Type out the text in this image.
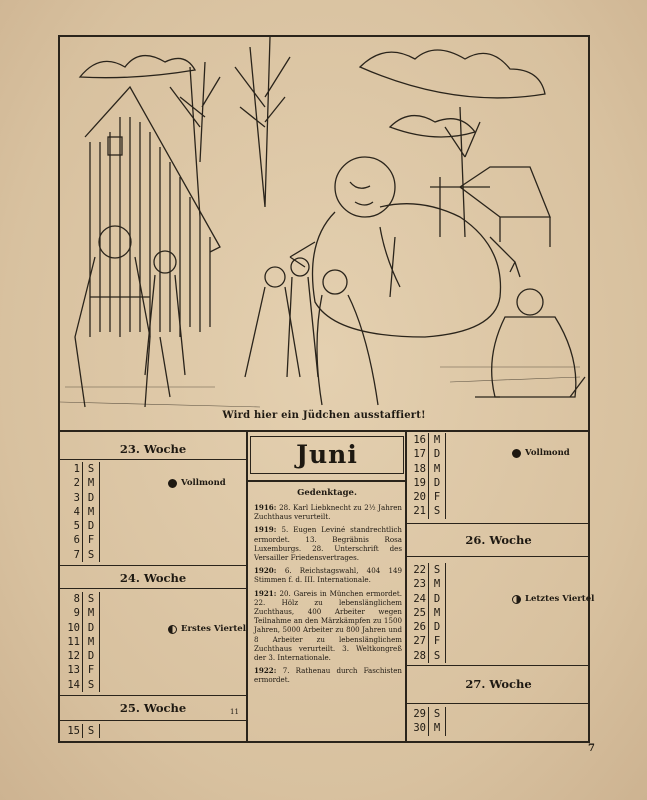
Wird hier ein Jüdchen ausstaffiert!
23. Woche
24. Woche
25. Woche
26. Woche
27. Woche
Juni
1 S
2 M
3 D
4 M
5 D
6 F
7 S
8 S
9 M
10 D
11 M
12 D
13 F
14 S
15 S
16 M
17 D
18 M
19 D
20 F
21 S
22 S
23 M
24 D
25 M
26 D
27 F
28 S
29 S
30 M
Vollmond
Erstes Viertel
Vollmond
Letztes Viertel
11
Gedenktage.
1916: 28. Karl Liebknecht zu 2½ Jahren Zuchthaus verurteilt.
1919: 5. Eugen Leviné standrechtlich ermordet. 13. Begräbnis Rosa Luxemburgs. 28. Unterschrift des Versailler Friedensvertrages.
1920: 6. Reichstagswahl, 404 149 Stimmen f. d. III. Internationale.
1921: 20. Gareis in München ermordet. 22. Hölz zu lebenslänglichem Zuchthaus, 400 Arbeiter wegen Teilnahme an den Märzkämpfen zu 1500 Jahren, 5000 Arbeiter zu 800 Jahren und 8 Arbeiter zu lebenslänglichem Zuchthaus verurteilt. 3. Weltkongreß der 3. Internationale.
1922: 7. Rathenau durch Faschisten ermordet.
7
